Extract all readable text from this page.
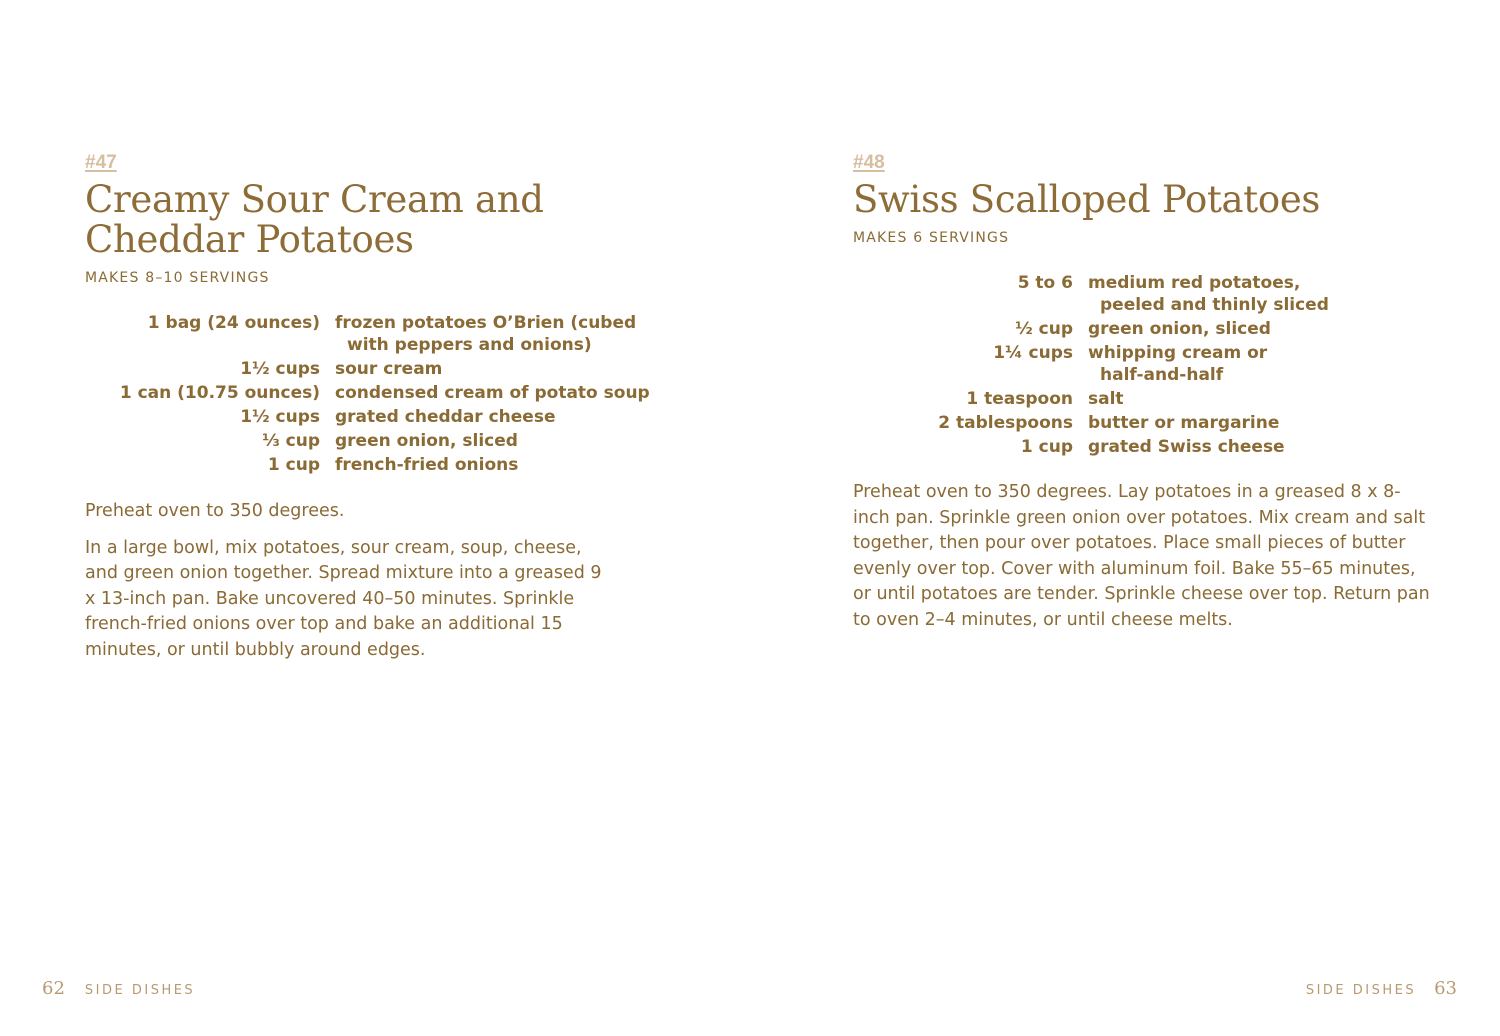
#47
Creamy Sour Cream and
Cheddar Potatoes
MAKES 8–10 SERVINGS
1 bag (24 ounces)	frozen potatoes O’Brien (cubed
with peppers and onions)

1½ cups	sour cream
1 can (10.75 ounces)	condensed cream of potato soup
1½ cups	grated cheddar cheese
⅓ cup	green onion, sliced
1 cup	french-fried onions

Preheat oven to 350 degrees.

In a large bowl, mix potatoes, sour cream, soup, cheese, and green onion together. Spread mixture into a greased 9 x 13-inch pan. Bake uncovered 40–50 minutes. Sprinkle french-fried onions over top and bake an additional 15 minutes, or until bubbly around edges.

62 SIDE DISHES
#48
Swiss Scalloped Potatoes
MAKES 6 SERVINGS
5 to 6	medium red potatoes,
peeled and thinly sliced

½ cup	green onion, sliced
1¼ cups	whipping cream or
half-and-half

1 teaspoon	salt
2 tablespoons	butter or margarine
1 cup	grated Swiss cheese

Preheat oven to 350 degrees. Lay potatoes in a greased 8 x 8-inch pan. Sprinkle green onion over potatoes. Mix cream and salt together, then pour over potatoes. Place small pieces of butter evenly over top. Cover with aluminum foil. Bake 55–65 minutes, or until potatoes are tender. Sprinkle cheese over top. Return pan to oven 2–4 minutes, or until cheese melts.

SIDE DISHES 63
